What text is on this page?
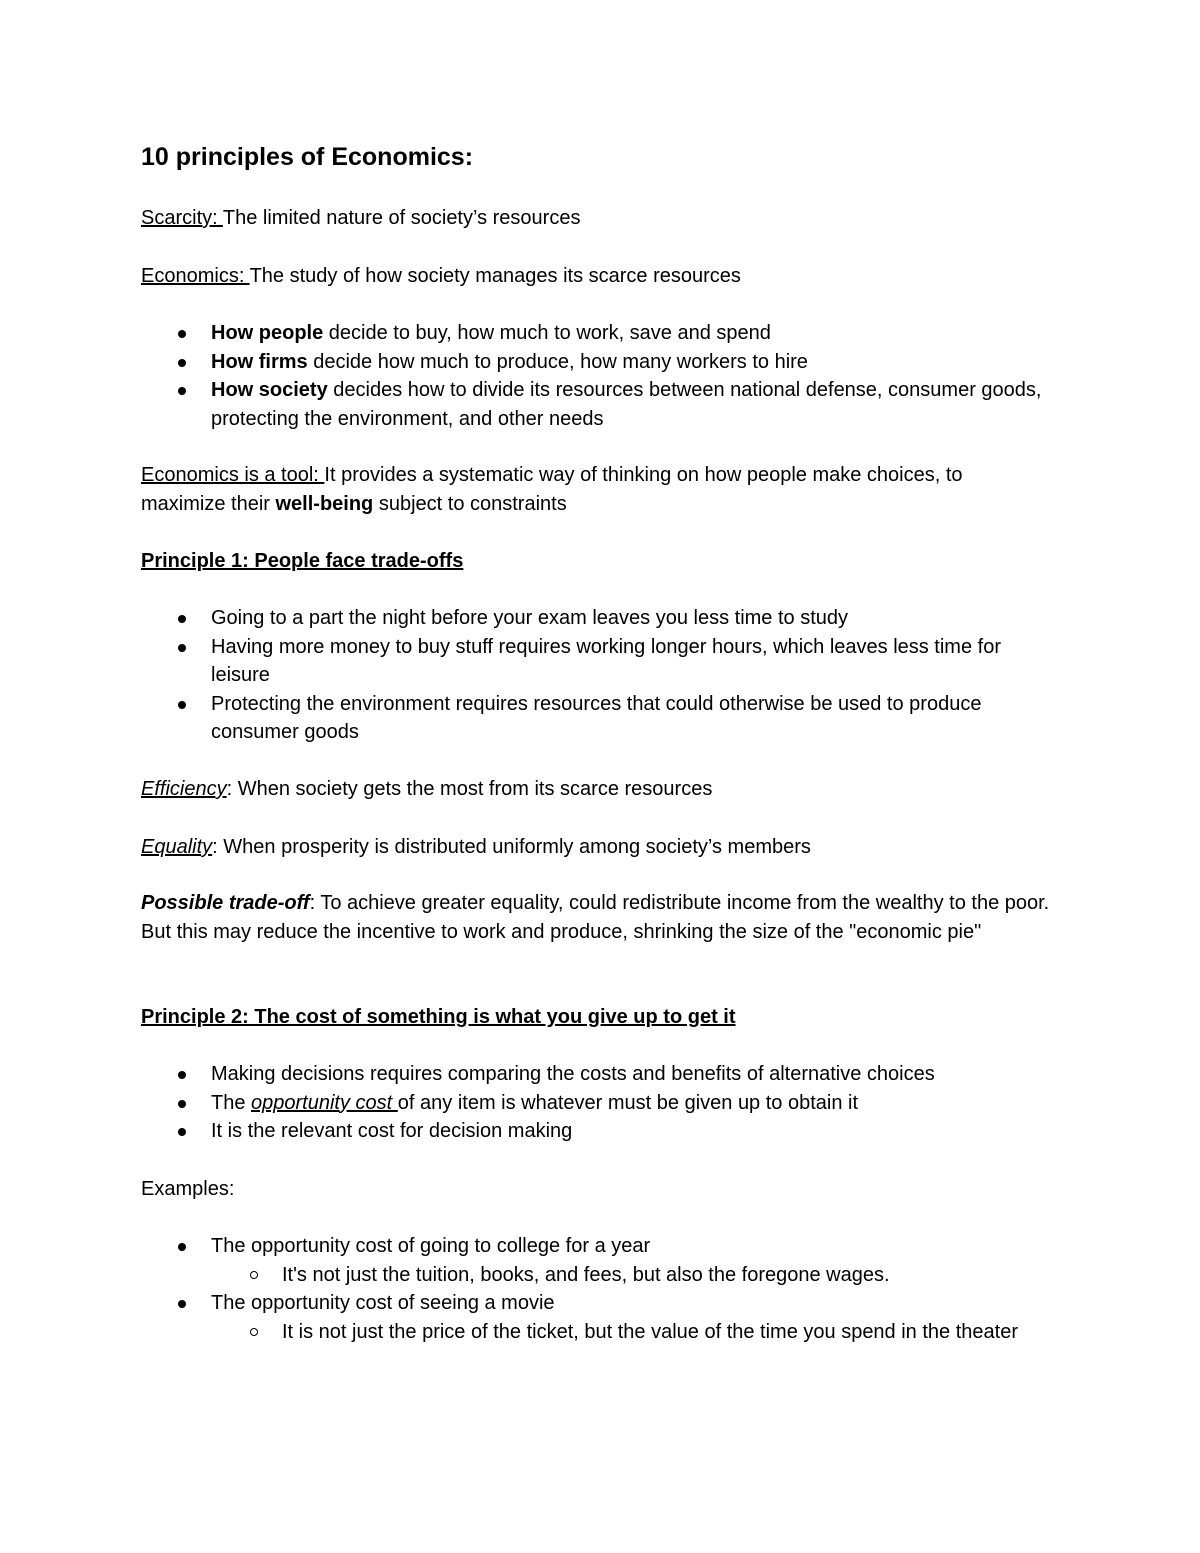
10 principles of Economics:
Scarcity: The limited nature of society’s resources
Economics: The study of how society manages its scarce resources
How people decide to buy, how much to work, save and spend
How firms decide how much to produce, how many workers to hire
How society decides how to divide its resources between national defense, consumer goods, protecting the environment, and other needs
Economics is a tool: It provides a systematic way of thinking on how people make choices, to maximize their well-being subject to constraints
Principle 1: People face trade-offs
Going to a part the night before your exam leaves you less time to study
Having more money to buy stuff requires working longer hours, which leaves less time for leisure
Protecting the environment requires resources that could otherwise be used to produce consumer goods
Efficiency: When society gets the most from its scarce resources
Equality: When prosperity is distributed uniformly among society’s members
Possible trade-off: To achieve greater equality, could redistribute income from the wealthy to the poor. But this may reduce the incentive to work and produce, shrinking the size of the "economic pie"
Principle 2: The cost of something is what you give up to get it
Making decisions requires comparing the costs and benefits of alternative choices
The opportunity cost of any item is whatever must be given up to obtain it
It is the relevant cost for decision making
Examples:
The opportunity cost of going to college for a year
It's not just the tuition, books, and fees, but also the foregone wages.
The opportunity cost of seeing a movie
It is not just the price of the ticket, but the value of the time you spend in the theater
